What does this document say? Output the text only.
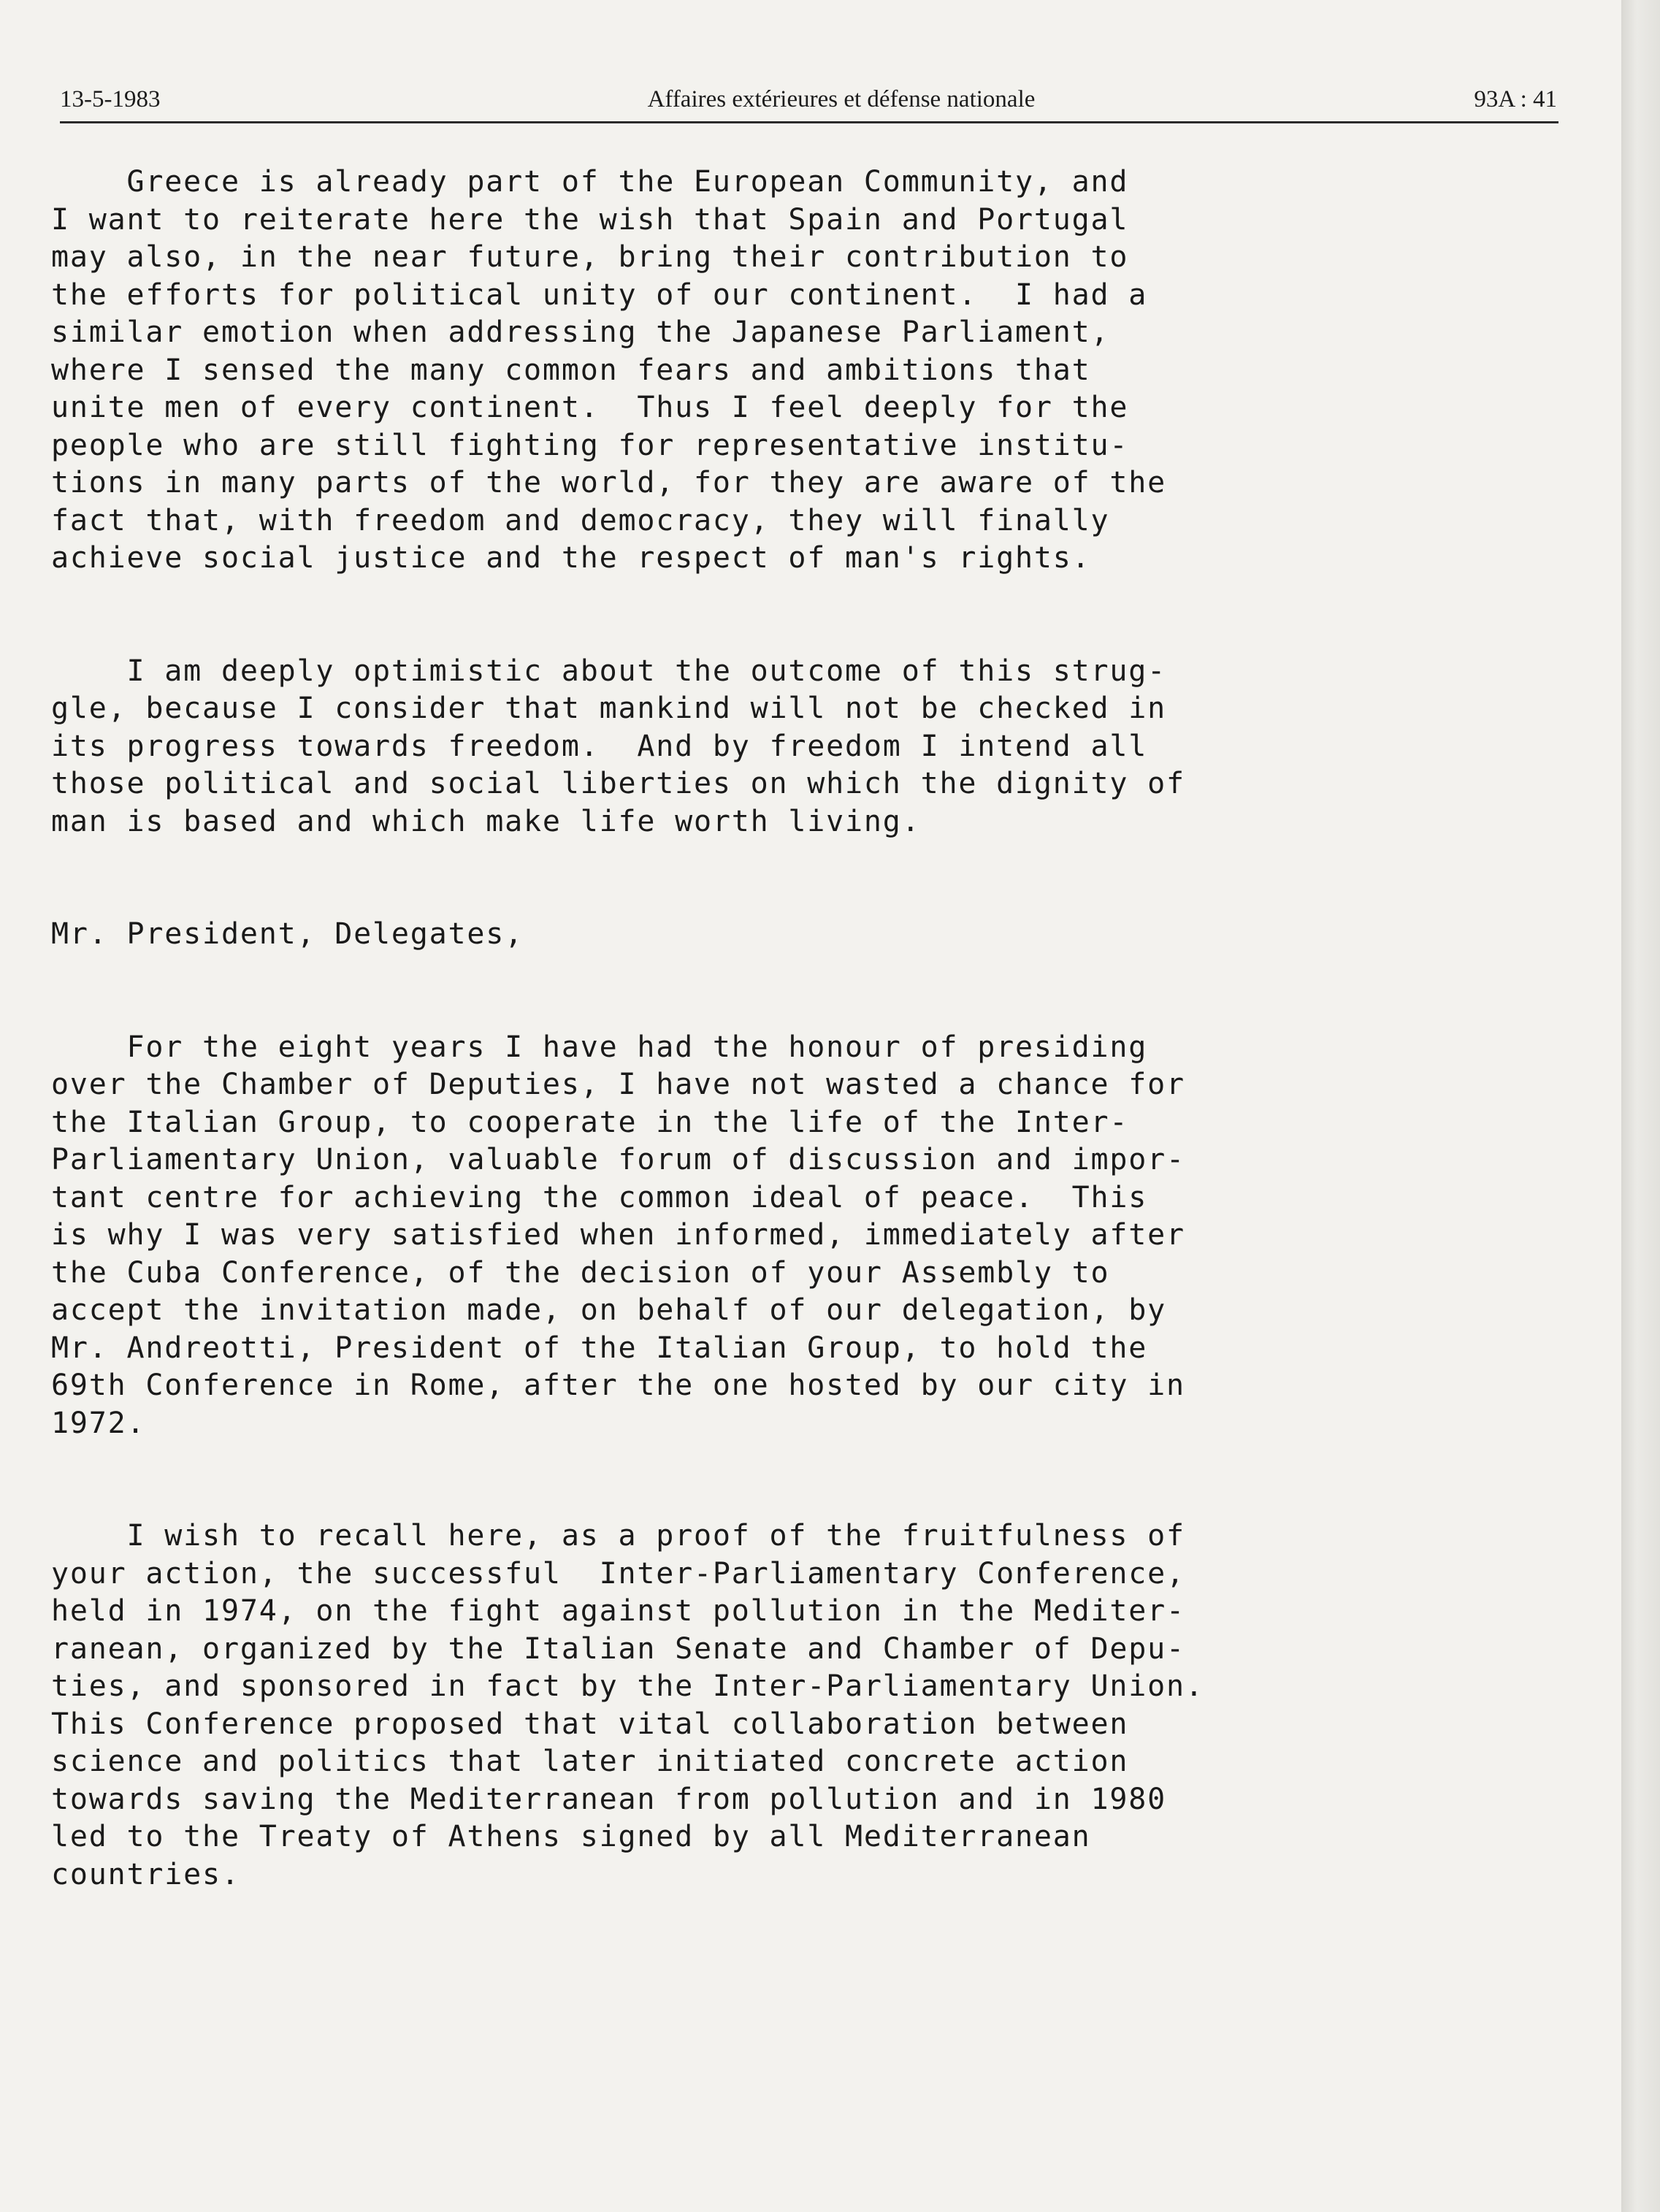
13-5-1983	Affaires extérieures et défense nationale	93A : 41
Greece is already part of the European Community, and
I want to reiterate here the wish that Spain and Portugal
may also, in the near future, bring their contribution to
the efforts for political unity of our continent.  I had a
similar emotion when addressing the Japanese Parliament,
where I sensed the many common fears and ambitions that
unite men of every continent.  Thus I feel deeply for the
people who are still fighting for representative institu-
tions in many parts of the world, for they are aware of the
fact that, with freedom and democracy, they will finally
achieve social justice and the respect of man's rights.
I am deeply optimistic about the outcome of this strug-
gle, because I consider that mankind will not be checked in
its progress towards freedom.  And by freedom I intend all
those political and social liberties on which the dignity of
man is based and which make life worth living.
Mr. President, Delegates,
For the eight years I have had the honour of presiding
over the Chamber of Deputies, I have not wasted a chance for
the Italian Group, to cooperate in the life of the Inter-
Parliamentary Union, valuable forum of discussion and impor-
tant centre for achieving the common ideal of peace.  This
is why I was very satisfied when informed, immediately after
the Cuba Conference, of the decision of your Assembly to
accept the invitation made, on behalf of our delegation, by
Mr. Andreotti, President of the Italian Group, to hold the
69th Conference in Rome, after the one hosted by our city in
1972.
I wish to recall here, as a proof of the fruitfulness of
your action, the successful  Inter-Parliamentary Conference,
held in 1974, on the fight against pollution in the Mediter-
ranean, organized by the Italian Senate and Chamber of Depu-
ties, and sponsored in fact by the Inter-Parliamentary Union.
This Conference proposed that vital collaboration between
science and politics that later initiated concrete action
towards saving the Mediterranean from pollution and in 1980
led to the Treaty of Athens signed by all Mediterranean
countries.
